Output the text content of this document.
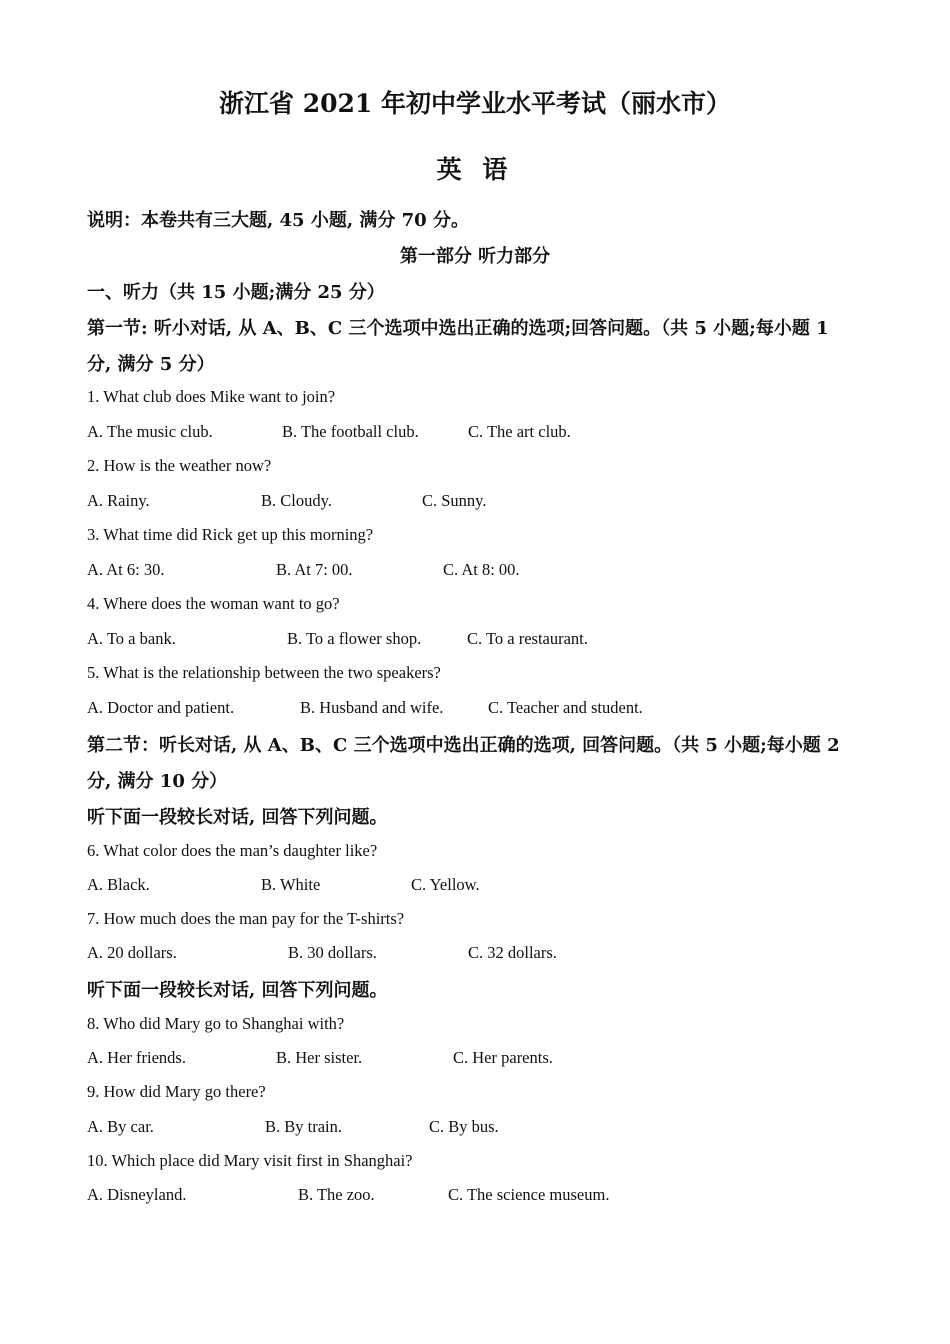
浙江省 2021 年初中学业水平考试（丽水市）
英 语
说明：本卷共有三大题, 45 小题, 满分 70 分。
第一部分 听力部分
一、听力（共 15 小题;满分 25 分）
第一节: 听小对话, 从 A、B、C 三个选项中选出正确的选项;回答问题。（共 5 小题;每小题 1
分, 满分 5 分）
1. What club does Mike want to join?
A. The music club.	B. The football club.	C. The art club.
2. How is the weather now?
A. Rainy.	B. Cloudy.	C. Sunny.
3. What time did Rick get up this morning?
A. At 6: 30.	B. At 7: 00.	C. At 8: 00.
4. Where does the woman want to go?
A. To a bank.	B. To a flower shop.	C. To a restaurant.
5. What is the relationship between the two speakers?
A. Doctor and patient.	B. Husband and wife.	C. Teacher and student.
第二节：听长对话, 从 A、B、C 三个选项中选出正确的选项, 回答问题。（共 5 小题;每小题 2
分, 满分 10 分）
听下面一段较长对话, 回答下列问题。
6. What color does the man’s daughter like?
A. Black.	B. White	C. Yellow.
7. How much does the man pay for the T-shirts?
A. 20 dollars.	B. 30 dollars.	C. 32 dollars.
听下面一段较长对话, 回答下列问题。
8. Who did Mary go to Shanghai with?
A. Her friends.	B. Her sister.	C. Her parents.
9. How did Mary go there?
A. By car.	B. By train.	C. By bus.
10. Which place did Mary visit first in Shanghai?
A. Disneyland.	B. The zoo.	C. The science museum.
